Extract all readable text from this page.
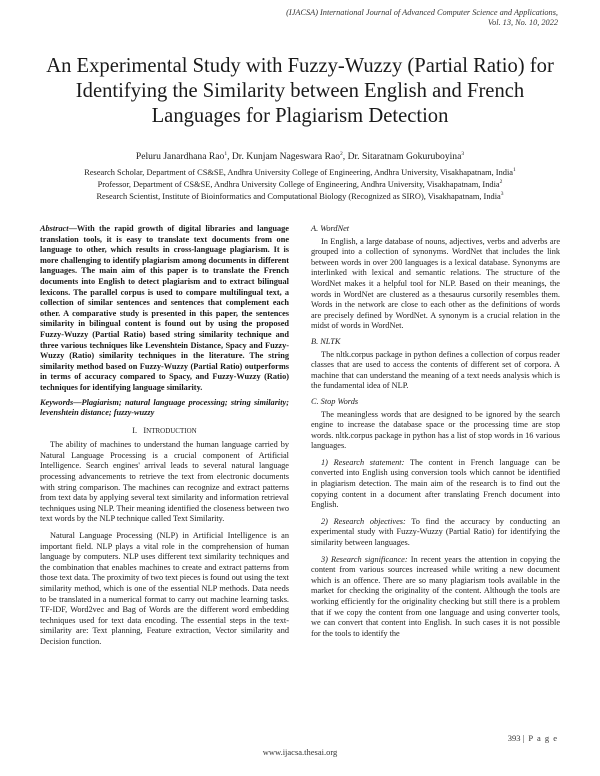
(IJACSA) International Journal of Advanced Computer Science and Applications,
Vol. 13, No. 10, 2022
An Experimental Study with Fuzzy-Wuzzy (Partial Ratio) for Identifying the Similarity between English and French Languages for Plagiarism Detection
Peluru Janardhana Rao$^1$, Dr. Kunjam Nageswara Rao$^2$, Dr. Sitaratnam Gokuruboyina$^3$
Research Scholar, Department of CS&SE, Andhra University College of Engineering, Andhra University, Visakhapatnam, India$^1$
Professor, Department of CS&SE, Andhra University College of Engineering, Andhra University, Visakhapatnam, India$^2$
Research Scientist, Institute of Bioinformatics and Computational Biology (Recognized as SIRO), Visakhapatnam, India$^3$
Abstract—With the rapid growth of digital libraries and language translation tools, it is easy to translate text documents from one language to other, which results in cross-language plagiarism. It is more challenging to identify plagiarism among documents in different languages. The main aim of this paper is to translate the French documents into English to detect plagiarism and to extract bilingual lexicons. The parallel corpus is used to compare multilingual text, a collection of similar sentences and sentences that complement each other. A comparative study is presented in this paper, the sentences similarity in bilingual content is found out by using the proposed Fuzzy-Wuzzy (Partial Ratio) based string similarity technique and three various techniques like Levenshtein Distance, Spacy and Fuzzy-Wuzzy (Ratio) similarity techniques in the literature. The string similarity method based on Fuzzy-Wuzzy (Partial Ratio) outperforms in terms of accuracy compared to Spacy, and Fuzzy-Wuzzy (Ratio) techniques for identifying language similarity.
Keywords—Plagiarism; natural language processing; string similarity; levenshtein distance; fuzzy-wuzzy
I. INTRODUCTION

The ability of machines to understand the human language carried by Natural Language Processing is a crucial component of Artificial Intelligence. Search engines' arrival leads to several natural language processing advancements to retrieve the text from electronic documents with string comparison. The machines can recognize and extract patterns from text data by applying several text similarity and information retrieval techniques using NLP. Their meaning identified the closeness between two text words by the NLP technique called Text Similarity.

Natural Language Processing (NLP) in Artificial Intelligence is an important field. NLP plays a vital role in the comprehension of human language by computers. NLP uses different text similarity techniques and the combination that enables machines to create and extract patterns from those text data. The proximity of two text pieces is found out using the text similarity method, which is one of the essential NLP methods. Data needs to be translated in a numerical format to carry out machine learning tasks. TF-IDF, Word2vec and Bag of Words are the different word embedding techniques used for text data encoding. The essential steps in the text-similarity are: Text planning, Feature extraction, Vector similarity and Decision function.

A. WordNet

In English, a large database of nouns, adjectives, verbs and adverbs are grouped into a collection of synonyms. WordNet that includes the link between words in over 200 languages is a lexical database. Synonyms are interlinked with lexical and semantic relations. The structure of the WordNet makes it a helpful tool for NLP. Based on their meanings, the words in WordNet are clustered as a thesaurus cursorily resembles them. Words in the network are close to each other as the definitions of words are precisely defined by WordNet. A synonym is a crucial relation in the midst of words in WordNet.

B. NLTK

The nltk.corpus package in python defines a collection of corpus reader classes that are used to access the contents of different set of corpora. A machine that can understand the meaning of a text needs analysis which is the fundamental idea of NLP.

C. Stop Words

The meaningless words that are designed to be ignored by the search engine to increase the database space or the processing time are stop words. nltk.corpus package in python has a list of stop words in 16 various languages.

1) Research statement: The content in French language can be converted into English using conversion tools which cannot be identified in plagiarism detection. The main aim of the research is to find out the copying content in a document after translating French document into English.

2) Research objectives: To find the accuracy by conducting an experimental study with Fuzzy-Wuzzy (Partial Ratio) for identifying the similarity between languages.

3) Research significance: In recent years the attention in copying the content from various sources increased while writing a new document which is an offence. There are so many plagiarism tools available in the market for checking the originality of the content. Although the tools are working efficiently for the originality checking but still there is a problem that if we copy the content from one language and using converter tools, we can convert that content into English. In such cases it is not possible for the tools to identify the

393 | P a g e
www.ijacsa.thesai.org
